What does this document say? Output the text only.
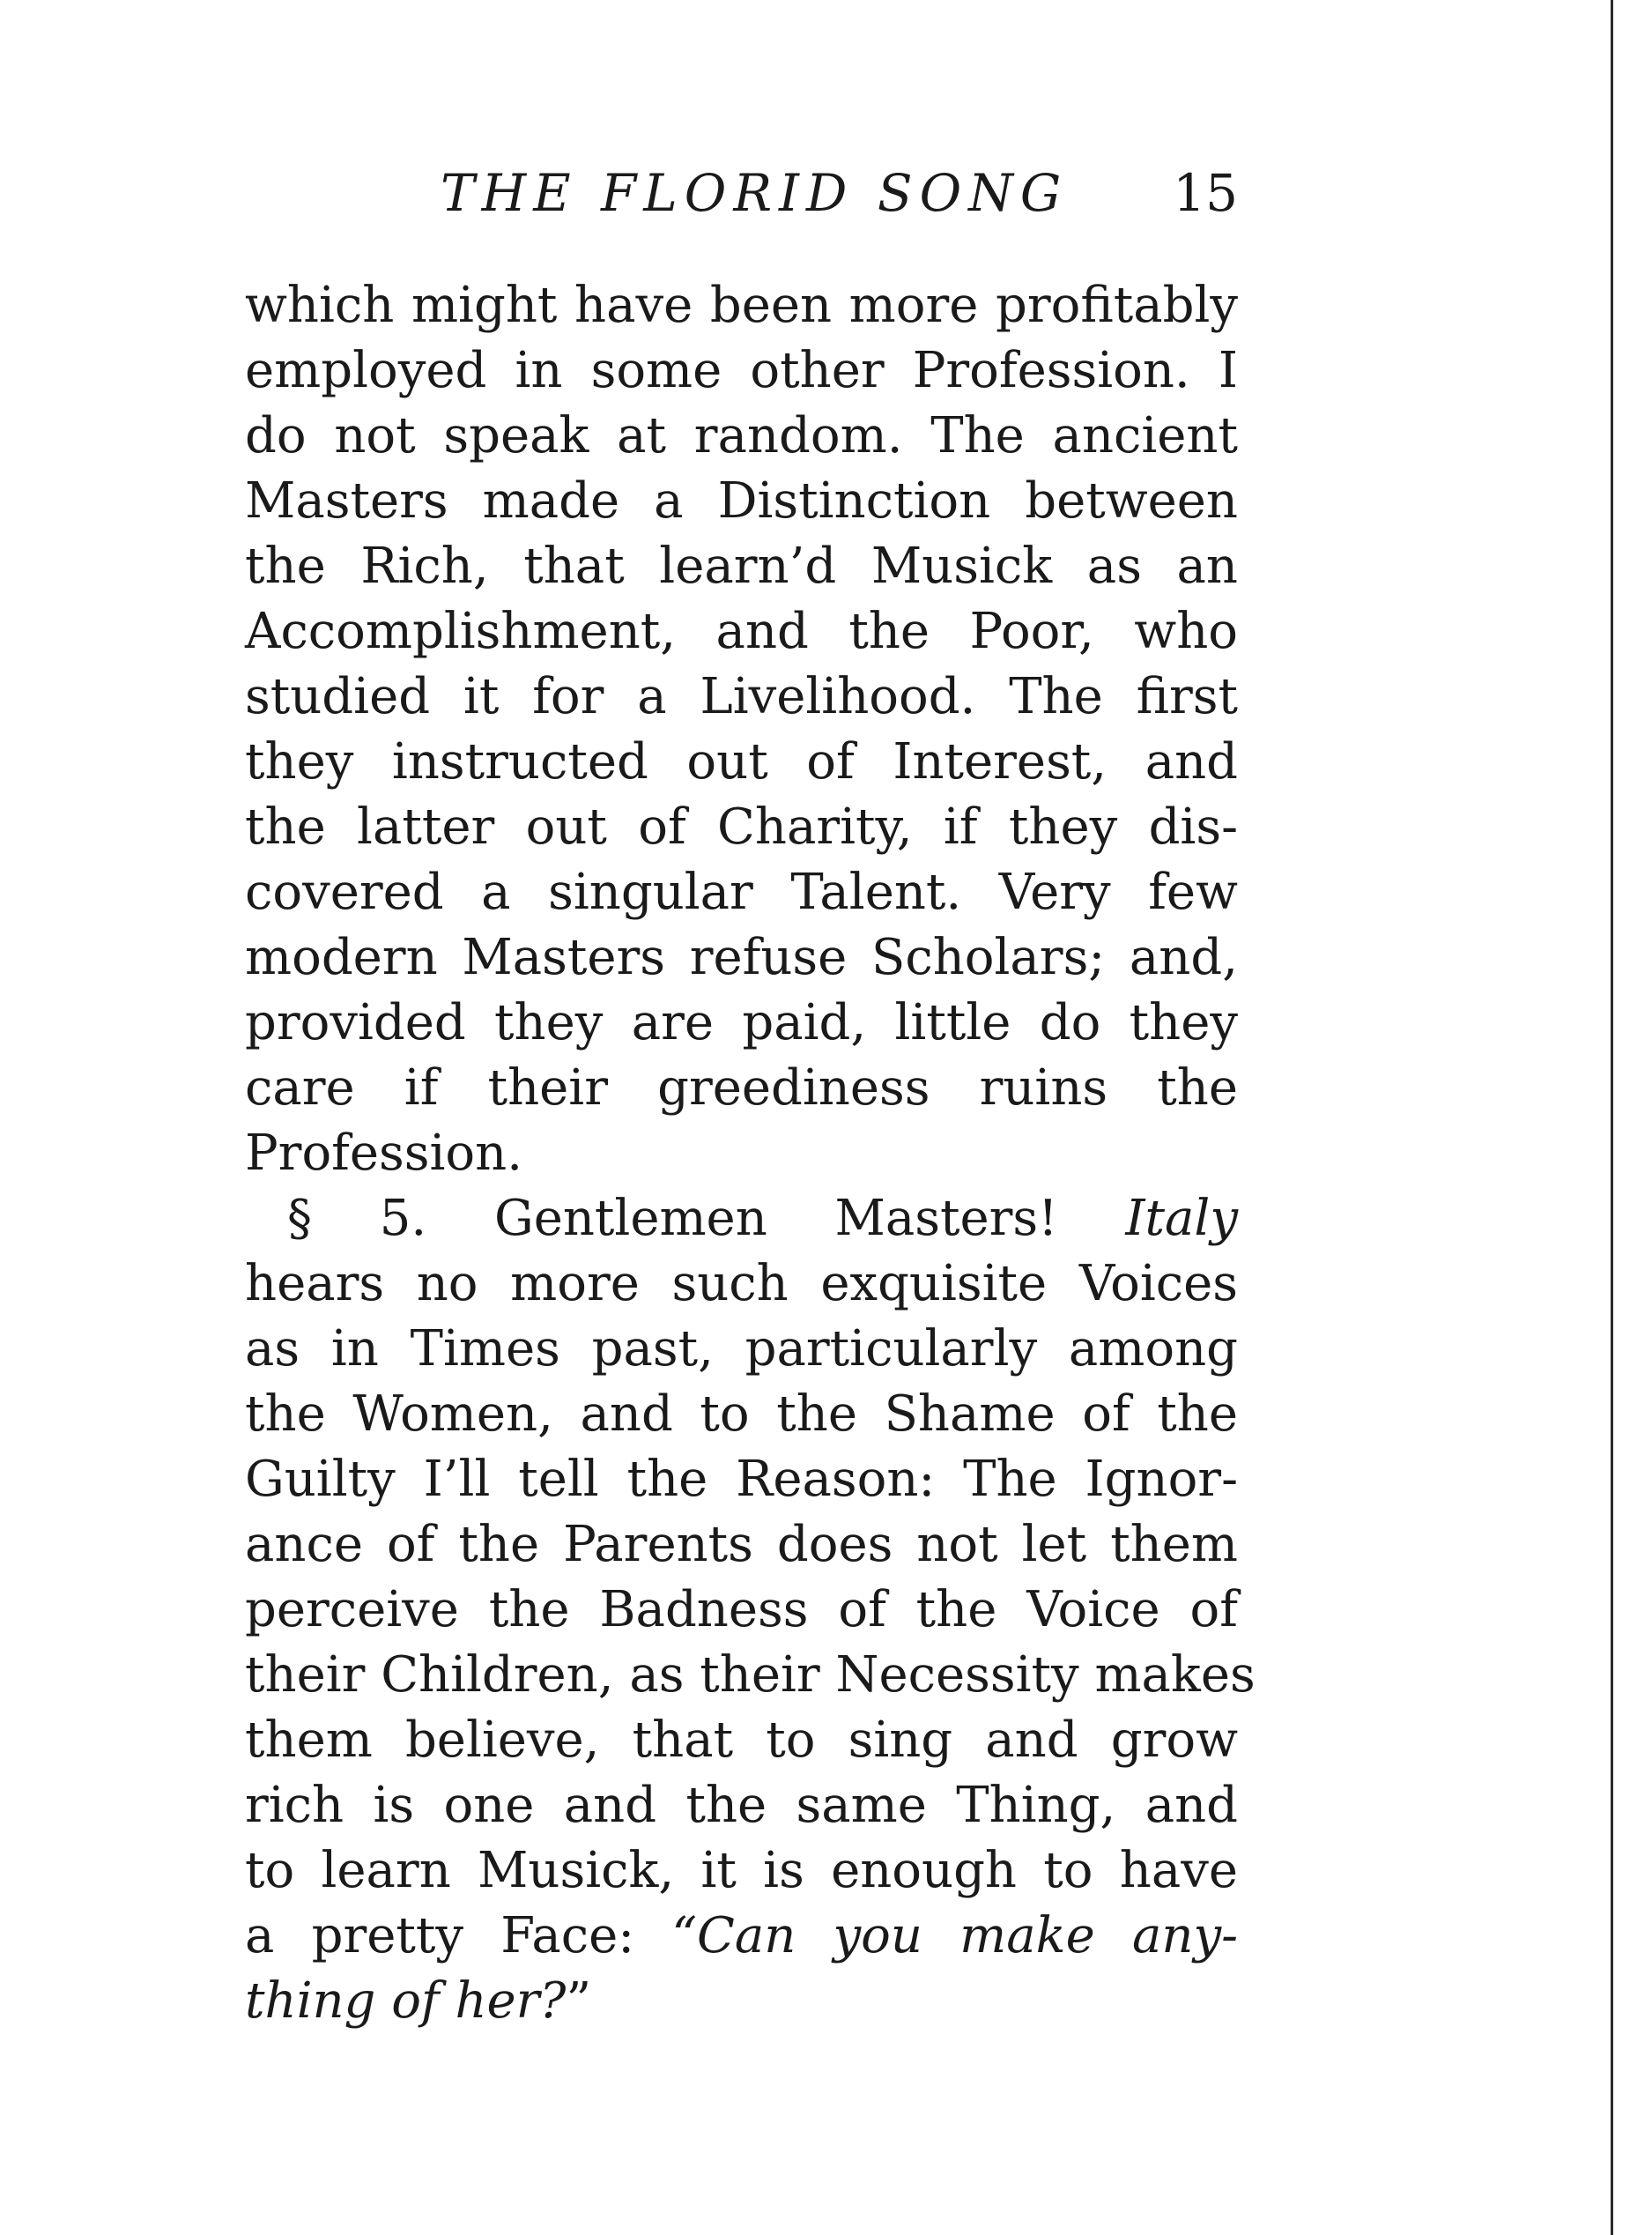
THE FLORID SONG 15
which might have been more profitably
employed in some other Profession. I
do not speak at random. The ancient
Masters made a Distinction between
the Rich, that learn’d Musick as an
Accomplishment, and the Poor, who
studied it for a Livelihood. The first
they instructed out of Interest, and
the latter out of Charity, if they dis-
covered a singular Talent. Very few
modern Masters refuse Scholars; and,
provided they are paid, little do they
care if their greediness ruins the
Profession.
§ 5. Gentlemen Masters! Italy
hears no more such exquisite Voices
as in Times past, particularly among
the Women, and to the Shame of the
Guilty I’ll tell the Reason: The Ignor-
ance of the Parents does not let them
perceive the Badness of the Voice of
their Children, as their Necessity makes
them believe, that to sing and grow
rich is one and the same Thing, and
to learn Musick, it is enough to have
a pretty Face: “Can you make any-
thing of her?”
